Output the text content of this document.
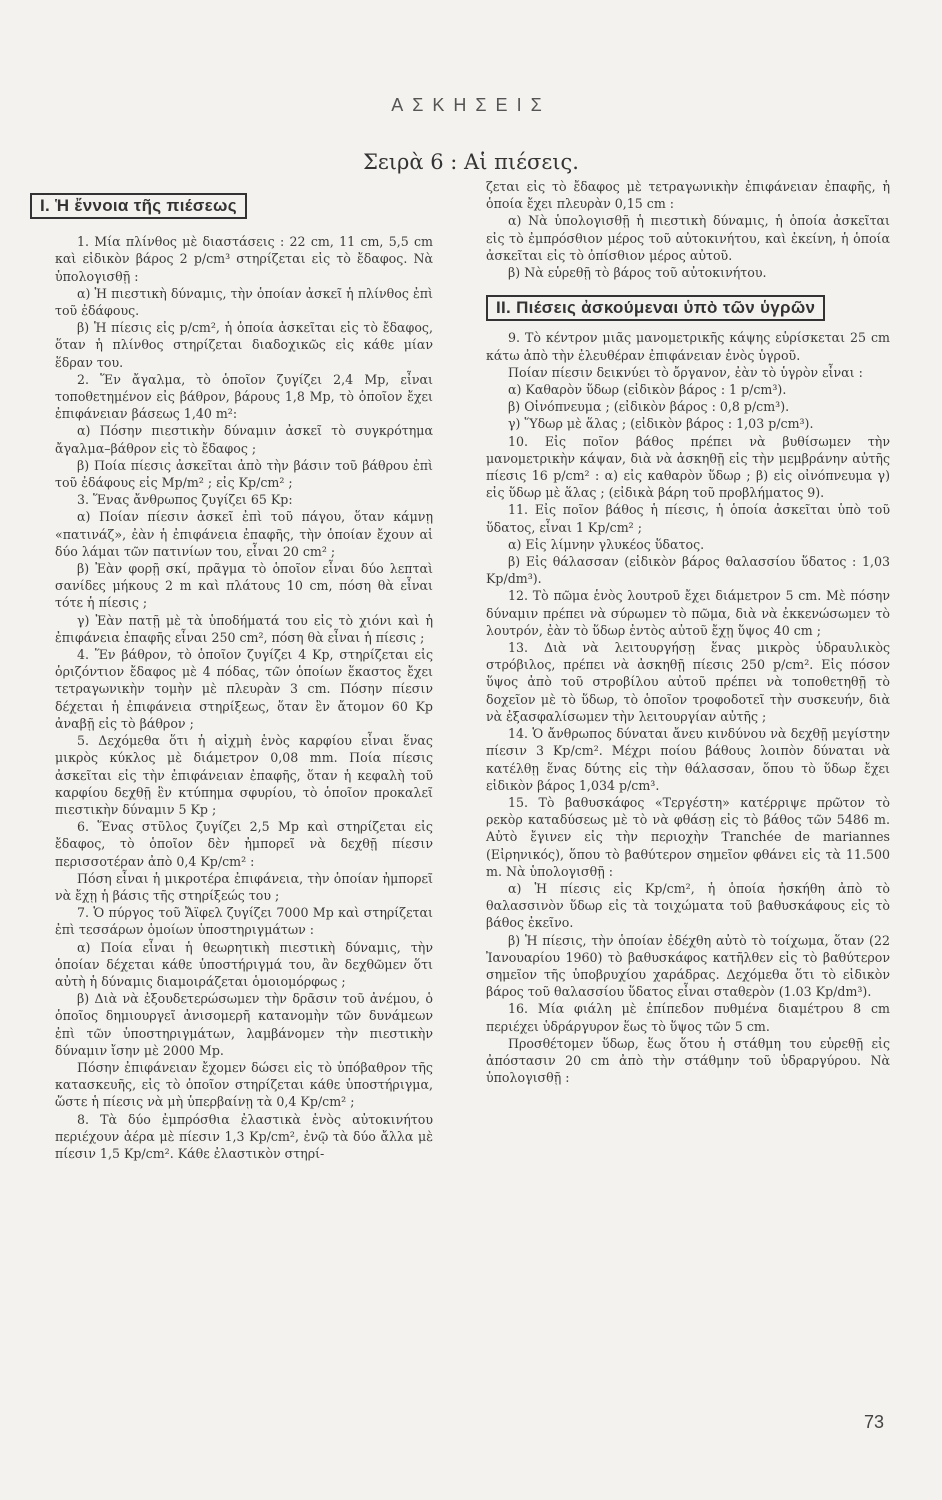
ΑΣΚΗΣΕΙΣ
Σειρὰ 6 : Αἱ πιέσεις.
I. Ἡ ἔννοια τῆς πιέσεως

1. Μία πλίνθος μὲ διαστάσεις : 22 cm, 11 cm, 5,5 cm καὶ εἰδικὸν βάρος 2 p/cm³ στηρίζεται εἰς τὸ ἔδαφος. Νὰ ὑπολογισθῇ :

α) Ἡ πιεστικὴ δύναμις, τὴν ὁποίαν ἀσκεῖ ἡ πλίνθος ἐπὶ τοῦ ἐδάφους.

β) Ἡ πίεσις εἰς p/cm², ἡ ὁποία ἀσκεῖται εἰς τὸ ἔδαφος, ὅταν ἡ πλίνθος στηρίζεται διαδοχικῶς εἰς κάθε μίαν ἕδραν του.

2. Ἕν ἄγαλμα, τὸ ὁποῖον ζυγίζει 2,4 Mp, εἶναι τοποθετημένον εἰς βάθρον, βάρους 1,8 Mp, τὸ ὁποῖον ἔχει ἐπιφάνειαν βάσεως 1,40 m²:

α) Πόσην πιεστικὴν δύναμιν ἀσκεῖ τὸ συγκρότημα ἄγαλμα–βάθρον εἰς τὸ ἔδαφος ;

β) Ποία πίεσις ἀσκεῖται ἀπὸ τὴν βάσιν τοῦ βάθρου ἐπὶ τοῦ ἐδάφους εἰς Mp/m² ; εἰς Kp/cm² ;

3. Ἕνας ἄνθρωπος ζυγίζει 65 Kp:

α) Ποίαν πίεσιν ἀσκεῖ ἐπὶ τοῦ πάγου, ὅταν κάμνῃ «πατινάζ», ἐὰν ἡ ἐπιφάνεια ἐπαφῆς, τὴν ὁποίαν ἔχουν αἱ δύο λάμαι τῶν πατινίων του, εἶναι 20 cm² ;

β) Ἐὰν φορῇ σκί, πρᾶγμα τὸ ὁποῖον εἶναι δύο λεπταὶ σανίδες μήκους 2 m καὶ πλάτους 10 cm, πόση θὰ εἶναι τότε ἡ πίεσις ;

γ) Ἐὰν πατῇ μὲ τὰ ὑποδήματά του εἰς τὸ χιόνι καὶ ἡ ἐπιφάνεια ἐπαφῆς εἶναι 250 cm², πόση θὰ εἶναι ἡ πίεσις ;

4. Ἕν βάθρον, τὸ ὁποῖον ζυγίζει 4 Kp, στηρίζεται εἰς ὁριζόντιον ἔδαφος μὲ 4 πόδας, τῶν ὁποίων ἕκαστος ἔχει τετραγωνικὴν τομὴν μὲ πλευρὰν 3 cm. Πόσην πίεσιν δέχεται ἡ ἐπιφάνεια στηρίξεως, ὅταν ἓν ἄτομον 60 Kp ἀναβῇ εἰς τὸ βάθρον ;

5. Δεχόμεθα ὅτι ἡ αἰχμὴ ἑνὸς καρφίου εἶναι ἕνας μικρὸς κύκλος μὲ διάμετρον 0,08 mm. Ποία πίεσις ἀσκεῖται εἰς τὴν ἐπιφάνειαν ἐπαφῆς, ὅταν ἡ κεφαλὴ τοῦ καρφίου δεχθῇ ἓν κτύπημα σφυρίου, τὸ ὁποῖον προκαλεῖ πιεστικὴν δύναμιν 5 Kp ;

6. Ἕνας στῦλος ζυγίζει 2,5 Mp καὶ στηρίζεται εἰς ἔδαφος, τὸ ὁποῖον δὲν ἠμπορεῖ νὰ δεχθῇ πίεσιν περισσοτέραν ἀπὸ 0,4 Kp/cm² :

Πόση εἶναι ἡ μικροτέρα ἐπιφάνεια, τὴν ὁποίαν ἠμπορεῖ νὰ ἔχῃ ἡ βάσις τῆς στηρίξεώς του ;

7. Ὁ πύργος τοῦ Ἄϊφελ ζυγίζει 7000 Mp καὶ στηρίζεται ἐπὶ τεσσάρων ὁμοίων ὑποστηριγμάτων :

α) Ποία εἶναι ἡ θεωρητικὴ πιεστικὴ δύναμις, τὴν ὁποίαν δέχεται κάθε ὑποστήριγμά του, ἂν δεχθῶμεν ὅτι αὐτὴ ἡ δύναμις διαμοιράζεται ὁμοιομόρφως ;

β) Διὰ νὰ ἐξουδετερώσωμεν τὴν δρᾶσιν τοῦ ἀνέμου, ὁ ὁποῖος δημιουργεῖ ἀνισομερῆ κατανομὴν τῶν δυνάμεων ἐπὶ τῶν ὑποστηριγμάτων, λαμβάνομεν τὴν πιεστικὴν δύναμιν ἴσην μὲ 2000 Mp.

Πόσην ἐπιφάνειαν ἔχομεν δώσει εἰς τὸ ὑπόβαθρον τῆς κατασκευῆς, εἰς τὸ ὁποῖον στηρίζεται κάθε ὑποστήριγμα, ὥστε ἡ πίεσις νὰ μὴ ὑπερβαίνῃ τὰ 0,4 Kp/cm² ;

8. Τὰ δύο ἐμπρόσθια ἐλαστικὰ ἑνὸς αὐτοκινήτου περιέχουν ἀέρα μὲ πίεσιν 1,3 Kp/cm², ἐνῷ τὰ δύο ἄλλα μὲ πίεσιν 1,5 Kp/cm². Κάθε ἐλαστικὸν στηρί-

ζεται εἰς τὸ ἔδαφος μὲ τετραγωνικὴν ἐπιφάνειαν ἐπαφῆς, ἡ ὁποία ἔχει πλευρὰν 0,15 cm :

α) Νὰ ὑπολογισθῇ ἡ πιεστικὴ δύναμις, ἡ ὁποία ἀσκεῖται εἰς τὸ ἐμπρόσθιον μέρος τοῦ αὐτοκινήτου, καὶ ἐκείνη, ἡ ὁποία ἀσκεῖται εἰς τὸ ὀπίσθιον μέρος αὐτοῦ.

β) Νὰ εὑρεθῇ τὸ βάρος τοῦ αὐτοκινήτου.

II. Πιέσεις ἀσκούμεναι ὑπὸ τῶν ὑγρῶν

9. Τὸ κέντρον μιᾶς μανομετρικῆς κάψης εὑρίσκεται 25 cm κάτω ἀπὸ τὴν ἐλευθέραν ἐπιφάνειαν ἑνὸς ὑγροῦ.

Ποίαν πίεσιν δεικνύει τὸ ὄργανον, ἐὰν τὸ ὑγρὸν εἶναι :

α) Καθαρὸν ὕδωρ (εἰδικὸν βάρος : 1 p/cm³).

β) Οἰνόπνευμα ; (εἰδικὸν βάρος : 0,8 p/cm³).

γ) Ὕδωρ μὲ ἅλας ; (εἰδικὸν βάρος : 1,03 p/cm³).

10. Εἰς ποῖον βάθος πρέπει νὰ βυθίσωμεν τὴν μανομετρικὴν κάψαν, διὰ νὰ ἀσκηθῇ εἰς τὴν μεμβράνην αὐτῆς πίεσις 16 p/cm² : α) εἰς καθαρὸν ὕδωρ ; β) εἰς οἰνόπνευμα γ) εἰς ὕδωρ μὲ ἅλας ; (εἰδικὰ βάρη τοῦ προβλήματος 9).

11. Εἰς ποῖον βάθος ἡ πίεσις, ἡ ὁποία ἀσκεῖται ὑπὸ τοῦ ὕδατος, εἶναι 1 Kp/cm² ;

α) Εἰς λίμνην γλυκέος ὕδατος.

β) Εἰς θάλασσαν (εἰδικὸν βάρος θαλασσίου ὕδατος : 1,03 Kp/dm³).

12. Τὸ πῶμα ἑνὸς λουτροῦ ἔχει διάμετρον 5 cm. Μὲ πόσην δύναμιν πρέπει νὰ σύρωμεν τὸ πῶμα, διὰ νὰ ἐκκενώσωμεν τὸ λουτρόν, ἐὰν τὸ ὕδωρ ἐντὸς αὐτοῦ ἔχῃ ὕψος 40 cm ;

13. Διὰ νὰ λειτουργήσῃ ἕνας μικρὸς ὑδραυλικὸς στρόβιλος, πρέπει νὰ ἀσκηθῇ πίεσις 250 p/cm². Εἰς πόσον ὕψος ἀπὸ τοῦ στροβίλου αὐτοῦ πρέπει νὰ τοποθετηθῇ τὸ δοχεῖον μὲ τὸ ὕδωρ, τὸ ὁποῖον τροφοδοτεῖ τὴν συσκευήν, διὰ νὰ ἐξασφαλίσωμεν τὴν λειτουργίαν αὐτῆς ;

14. Ὁ ἄνθρωπος δύναται ἄνευ κινδύνου νὰ δεχθῇ μεγίστην πίεσιν 3 Kp/cm². Μέχρι ποίου βάθους λοιπὸν δύναται νὰ κατέλθῃ ἕνας δύτης εἰς τὴν θάλασσαν, ὅπου τὸ ὕδωρ ἔχει εἰδικὸν βάρος 1,034 p/cm³.

15. Τὸ βαθυσκάφος «Τεργέστη» κατέρριψε πρῶτον τὸ ρεκὸρ καταδύσεως μὲ τὸ νὰ φθάσῃ εἰς τὸ βάθος τῶν 5486 m. Αὐτὸ ἔγινεν εἰς τὴν περιοχὴν Tranchée de mariannes (Εἰρηνικός), ὅπου τὸ βαθύτερον σημεῖον φθάνει εἰς τὰ 11.500 m. Νὰ ὑπολογισθῇ :

α) Ἡ πίεσις εἰς Kp/cm², ἡ ὁποία ἠσκήθη ἀπὸ τὸ θαλασσινὸν ὕδωρ εἰς τὰ τοιχώματα τοῦ βαθυσκάφους εἰς τὸ βάθος ἐκεῖνο.

β) Ἡ πίεσις, τὴν ὁποίαν ἐδέχθη αὐτὸ τὸ τοίχωμα, ὅταν (22 Ἰανουαρίου 1960) τὸ βαθυσκάφος κατῆλθεν εἰς τὸ βαθύτερον σημεῖον τῆς ὑποβρυχίου χαράδρας. Δεχόμεθα ὅτι τὸ εἰδικὸν βάρος τοῦ θαλασσίου ὕδατος εἶναι σταθερὸν (1.03 Kp/dm³).

16. Μία φιάλη μὲ ἐπίπεδον πυθμένα διαμέτρου 8 cm περιέχει ὑδράργυρον ἕως τὸ ὕψος τῶν 5 cm.

Προσθέτομεν ὕδωρ, ἕως ὅτου ἡ στάθμη του εὑρεθῇ εἰς ἀπόστασιν 20 cm ἀπὸ τὴν στάθμην τοῦ ὑδραργύρου. Νὰ ὑπολογισθῇ :

73
